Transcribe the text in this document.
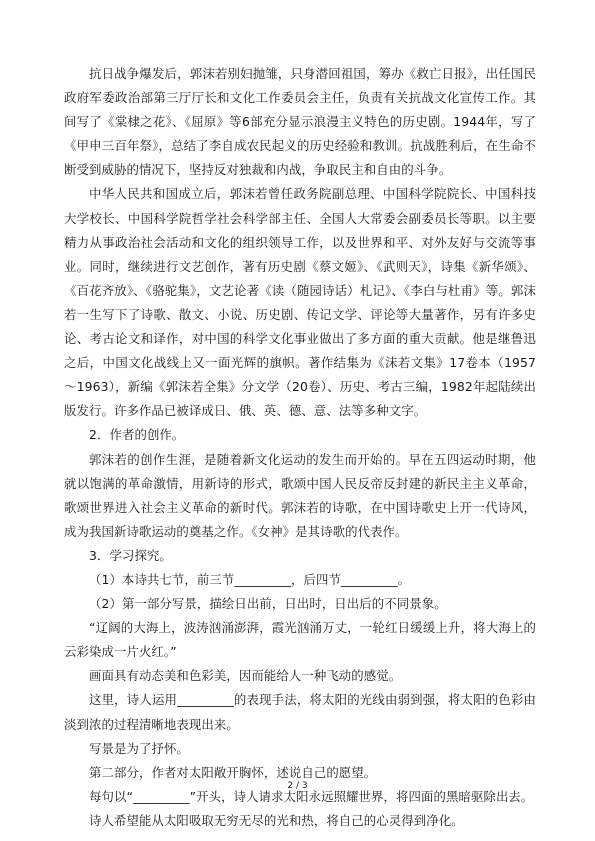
抗日战争爆发后，郭沫若别妇抛雏，只身潜回祖国，筹办《救亡日报》，出任国民政府军委政治部第三厅厅长和文化工作委员会主任，负责有关抗战文化宣传工作。其间写了《棠棣之花》、《屈原》等6部充分显示浪漫主义特色的历史剧。1944年，写了《甲申三百年祭》，总结了李自成农民起义的历史经验和教训。抗战胜利后，在生命不断受到威胁的情况下，坚持反对独裁和内战，争取民主和自由的斗争。

中华人民共和国成立后，郭沫若曾任政务院副总理、中国科学院院长、中国科技大学校长、中国科学院哲学社会科学部主任、全国人大常委会副委员长等职。以主要精力从事政治社会活动和文化的组织领导工作，以及世界和平、对外友好与交流等事业。同时，继续进行文艺创作，著有历史剧《蔡文姬》、《武则天》，诗集《新华颂》、《百花齐放》、《骆驼集》，文艺论著《读（随园诗话）札记》、《李白与杜甫》等。郭沫若一生写下了诗歌、散文、小说、历史剧、传记文学、评论等大量著作，另有许多史论、考古论文和译作，对中国的科学文化事业做出了多方面的重大贡献。他是继鲁迅之后，中国文化战线上又一面光辉的旗帜。著作结集为《沫若文集》17卷本（1957～1963），新编《郭沫若全集》分文学（20卷）、历史、考古三编，1982年起陆续出版发行。许多作品已被译成日、俄、英、德、意、法等多种文字。

2．作者的创作。

郭沫若的创作生涯，是随着新文化运动的发生而开始的。早在五四运动时期，他就以饱满的革命激情，用新诗的形式，歌颂中国人民反帝反封建的新民主主义革命，歌颂世界进入社会主义革命的新时代。郭沫若的诗歌，在中国诗歌史上开一代诗风，成为我国新诗歌运动的奠基之作。《女神》是其诗歌的代表作。

3．学习探究。

（1）本诗共七节，前三节_________，后四节_________。

（2）第一部分写景，描绘日出前，日出时，日出后的不同景象。

“辽阔的大海上，波涛汹涌澎湃，霞光汹涌万丈，一轮红日缓缓上升，将大海上的云彩染成一片火红。”

画面具有动态美和色彩美，因而能给人一种飞动的感觉。

这里，诗人运用_________的表现手法，将太阳的光线由弱到强，将太阳的色彩由淡到浓的过程清晰地表现出来。

写景是为了抒怀。

第二部分，作者对太阳敞开胸怀，述说自己的愿望。

每句以“_________”开头，诗人请求太阳永远照耀世界，将四面的黑暗驱除出去。

诗人希望能从太阳吸取无穷无尽的光和热，将自己的心灵得到净化。

2 / 3
